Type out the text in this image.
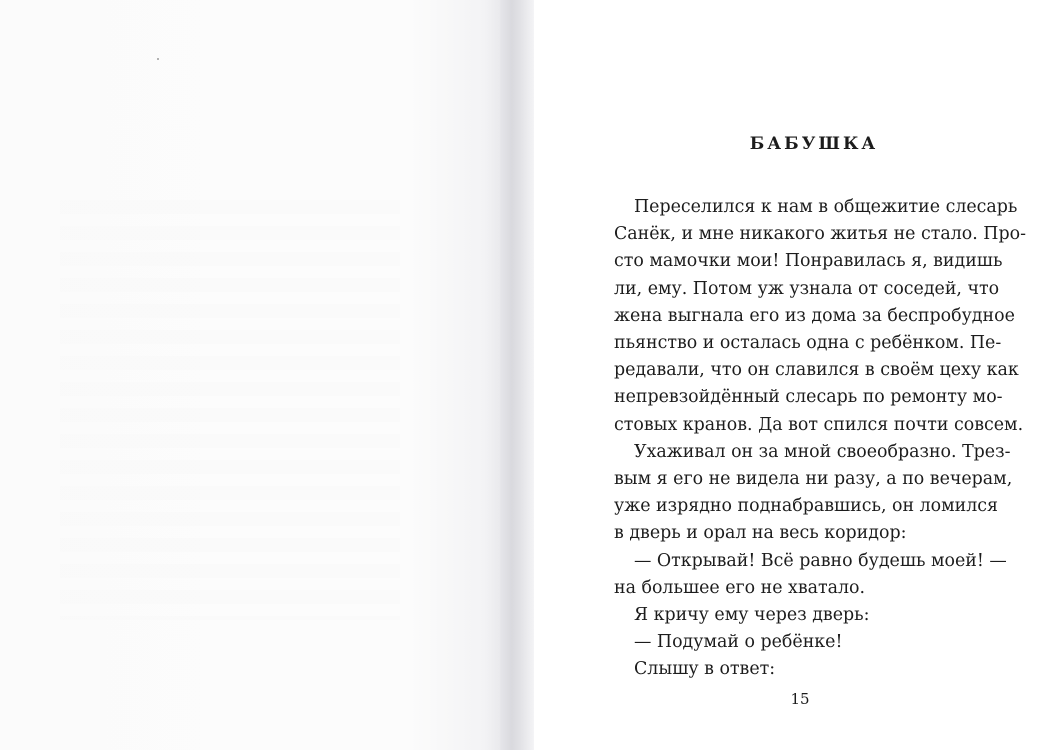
БАБУШКА

Переселился к нам в общежитие слесарь
Санёк, и мне никакого житья не стало. Про-
сто мамочки мои! Понравилась я, видишь
ли, ему. Потом уж узнала от соседей, что
жена выгнала его из дома за беспробудное
пьянство и осталась одна с ребёнком. Пе-
редавали, что он славился в своём цеху как
непревзойдённый слесарь по ремонту мо-
стовых кранов. Да вот спился почти совсем.

Ухаживал он за мной своеобразно. Трез-
вым я его не видела ни разу, а по вечерам,
уже изрядно поднабравшись, он ломился
в дверь и орал на весь коридор:

— Открывай! Всё равно будешь моей! —
на большее его не хватало.

Я кричу ему через дверь:

— Подумай о ребёнке!

Слышу в ответ:

15
